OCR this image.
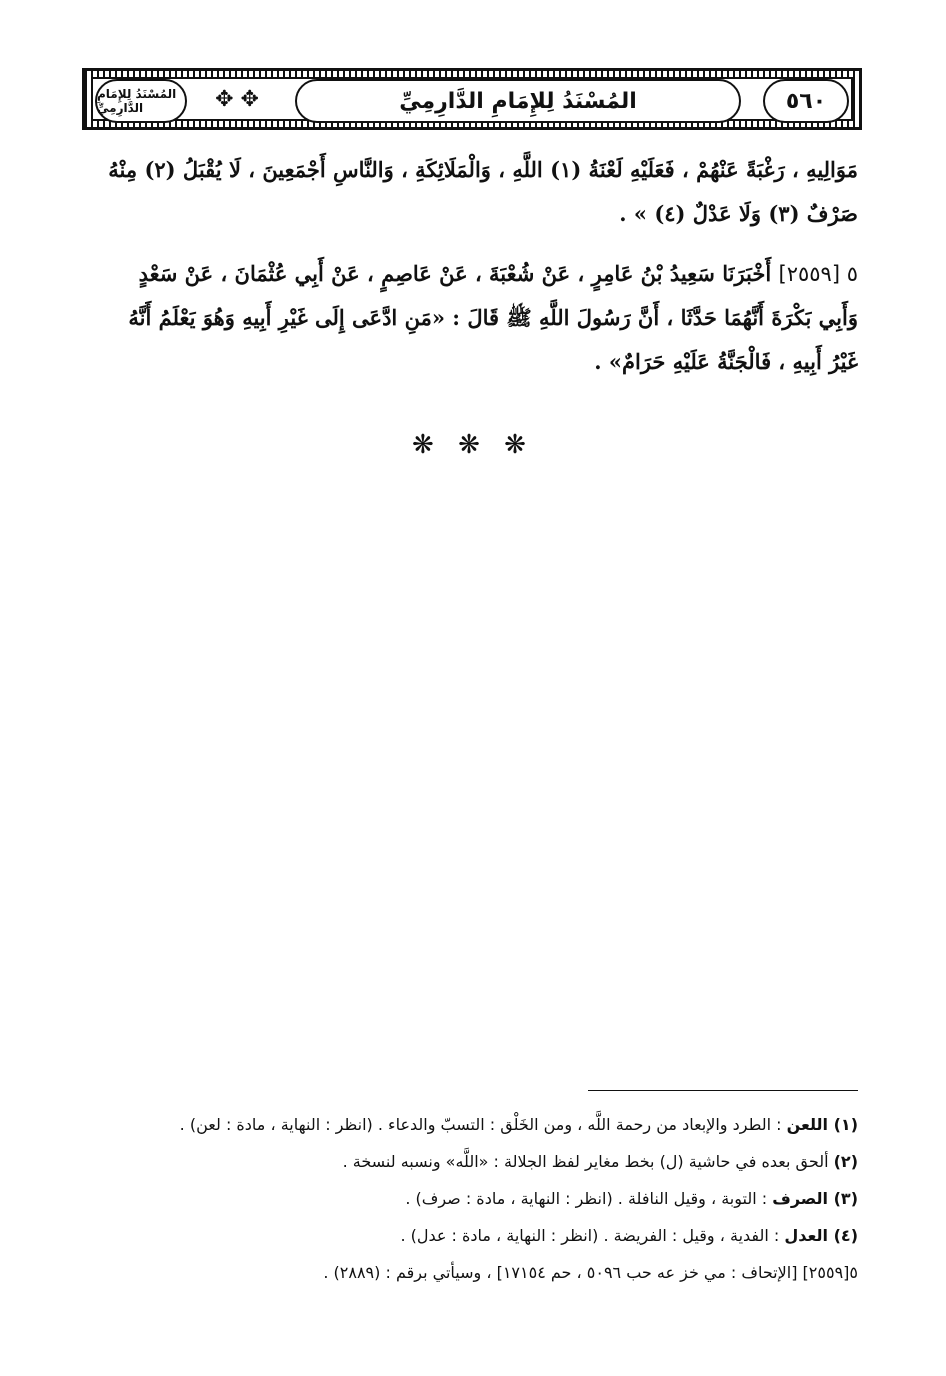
٥٦٠
المُسْنَدُ لِلإِمَامِ الدَّارِمِيِّ
✥ ✥
المُسْنَدُ لِلإِمَامِ الدَّارِمِيِّ
مَوَالِيهِ ، رَغْبَةً عَنْهُمْ ، فَعَلَيْهِ لَعْنَةُ (١) اللَّهِ ، وَالْمَلَائِكَةِ ، وَالنَّاسِ أَجْمَعِينَ ، لَا يُقْبَلُ (٢) مِنْهُ
صَرْفٌ (٣) وَلَا عَدْلٌ (٤) » .
٥ [٢٥٥٩] أَخْبَرَنَا سَعِيدُ بْنُ عَامِرٍ ، عَنْ شُعْبَةَ ، عَنْ عَاصِمٍ ، عَنْ أَبِي عُثْمَانَ ، عَنْ سَعْدٍ
وَأَبِي بَكْرَةَ أَنَّهُمَا حَدَّثَا ، أَنَّ رَسُولَ اللَّهِ ﷺ قَالَ : «مَنِ ادَّعَى إِلَى غَيْرِ أَبِيهِ وَهُوَ يَعْلَمُ أَنَّهُ
غَيْرُ أَبِيهِ ، فَالْجَنَّةُ عَلَيْهِ حَرَامٌ» .
❋ ❋ ❋
(١) اللعن : الطرد والإبعاد من رحمة اللَّه ، ومن الخَلْق : التسبّ والدعاء . (انظر : النهاية ، مادة : لعن) .
(٢) ألحق بعده في حاشية (ل) بخط مغاير لفظ الجلالة : «اللَّه» ونسبه لنسخة .
(٣) الصرف : التوبة ، وقيل النافلة . (انظر : النهاية ، مادة : صرف) .
(٤) العدل : الفدية ، وقيل : الفريضة . (انظر : النهاية ، مادة : عدل) .
٥[٢٥٥٩] [الإتحاف : مي خز عه حب ٥٠٩٦ ، حم ١٧١٥٤] ، وسيأتي برقم : (٢٨٨٩) .
